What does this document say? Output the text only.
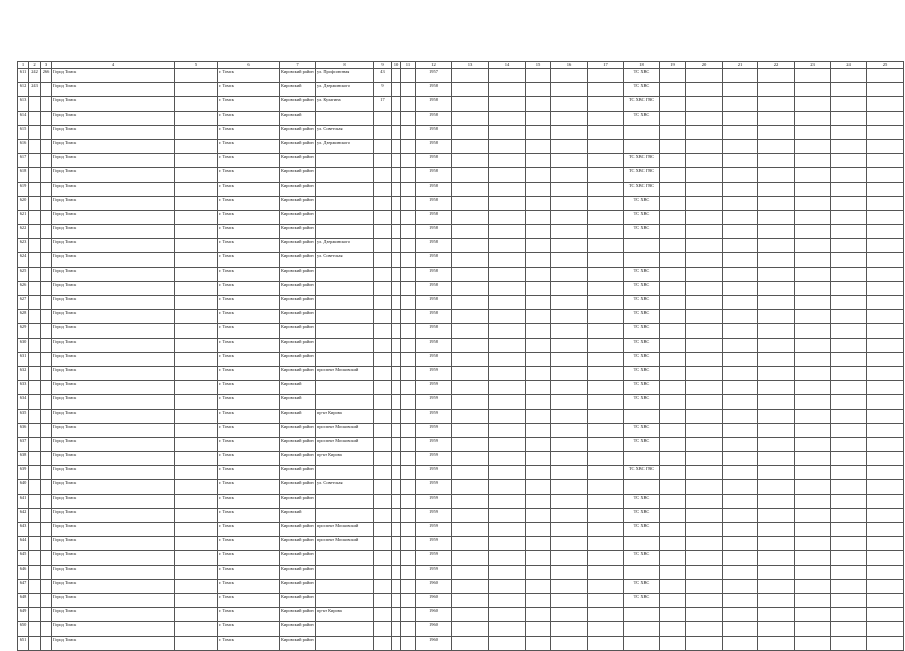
1	2	3	4	5	6	7	8	9	10	11	12	13	14	15	16	17	18	19	20	21	22	23	24	25
611	242	266	Город Томск		г. Томск	Кировский район	ул. Профсоюзная	43			1957						ТС ХВС							
612	243		Город Томск		г. Томск	Кировский	ул. Дзержинского	9			1958						ТС ХВС							
613			Город Томск		г. Томск	Кировский район	ул. Кулагина	17			1958						ТС ХВС ГВС							
614			Город Томск		г. Томск	Кировский					1958						ТС ХВС							
615			Город Томск		г. Томск	Кировский район	ул. Советская				1958													
616			Город Томск		г. Томск	Кировский район	ул. Дзержинского				1958													
617			Город Томск		г. Томск	Кировский район					1958						ТС ХВС ГВС							
618			Город Томск		г. Томск	Кировский район					1958						ТС ХВС ГВС							
619			Город Томск		г. Томск	Кировский район					1958						ТС ХВС ГВС							
620			Город Томск		г. Томск	Кировский район					1958						ТС ХВС							
621			Город Томск		г. Томск	Кировский район					1958						ТС ХВС							
622			Город Томск		г. Томск	Кировский район					1958						ТС ХВС							
623			Город Томск		г. Томск	Кировский район	ул. Дзержинского				1958													
624			Город Томск		г. Томск	Кировский район	ул. Советская				1958													
625			Город Томск		г. Томск	Кировский район					1958						ТС ХВС							
626			Город Томск		г. Томск	Кировский район					1958						ТС ХВС							
627			Город Томск		г. Томск	Кировский район					1958						ТС ХВС							
628			Город Томск		г. Томск	Кировский район					1958						ТС ХВС							
629			Город Томск		г. Томск	Кировский район					1958						ТС ХВС							
630			Город Томск		г. Томск	Кировский район					1958						ТС ХВС							
631			Город Томск		г. Томск	Кировский район					1958						ТС ХВС							
632			Город Томск		г. Томск	Кировский район	проспект Московский				1959						ТС ХВС							
633			Город Томск		г. Томск	Кировский					1959						ТС ХВС							
634			Город Томск		г. Томск	Кировский					1959						ТС ХВС							
635			Город Томск		г. Томск	Кировский	пр-кт Кирова				1959													
636			Город Томск		г. Томск	Кировский район	проспект Московский				1959						ТС ХВС							
637			Город Томск		г. Томск	Кировский район	проспект Московский				1959						ТС ХВС							
638			Город Томск		г. Томск	Кировский район	пр-кт Кирова				1959													
639			Город Томск		г. Томск	Кировский район					1959						ТС ХВС ГВС							
640			Город Томск		г. Томск	Кировский район	ул. Советская				1959													
641			Город Томск		г. Томск	Кировский район					1959						ТС ХВС							
642			Город Томск		г. Томск	Кировский					1959						ТС ХВС							
643			Город Томск		г. Томск	Кировский район	проспект Московский				1959						ТС ХВС							
644			Город Томск		г. Томск	Кировский район	проспект Московский				1959													
645			Город Томск		г. Томск	Кировский район					1959						ТС ХВС							
646			Город Томск		г. Томск	Кировский район					1959													
647			Город Томск		г. Томск	Кировский район					1960						ТС ХВС							
648			Город Томск		г. Томск	Кировский район					1960						ТС ХВС							
649			Город Томск		г. Томск	Кировский район	пр-кт Кирова				1960													
650			Город Томск		г. Томск	Кировский район					1960													
651			Город Томск		г. Томск	Кировский район					1960													
